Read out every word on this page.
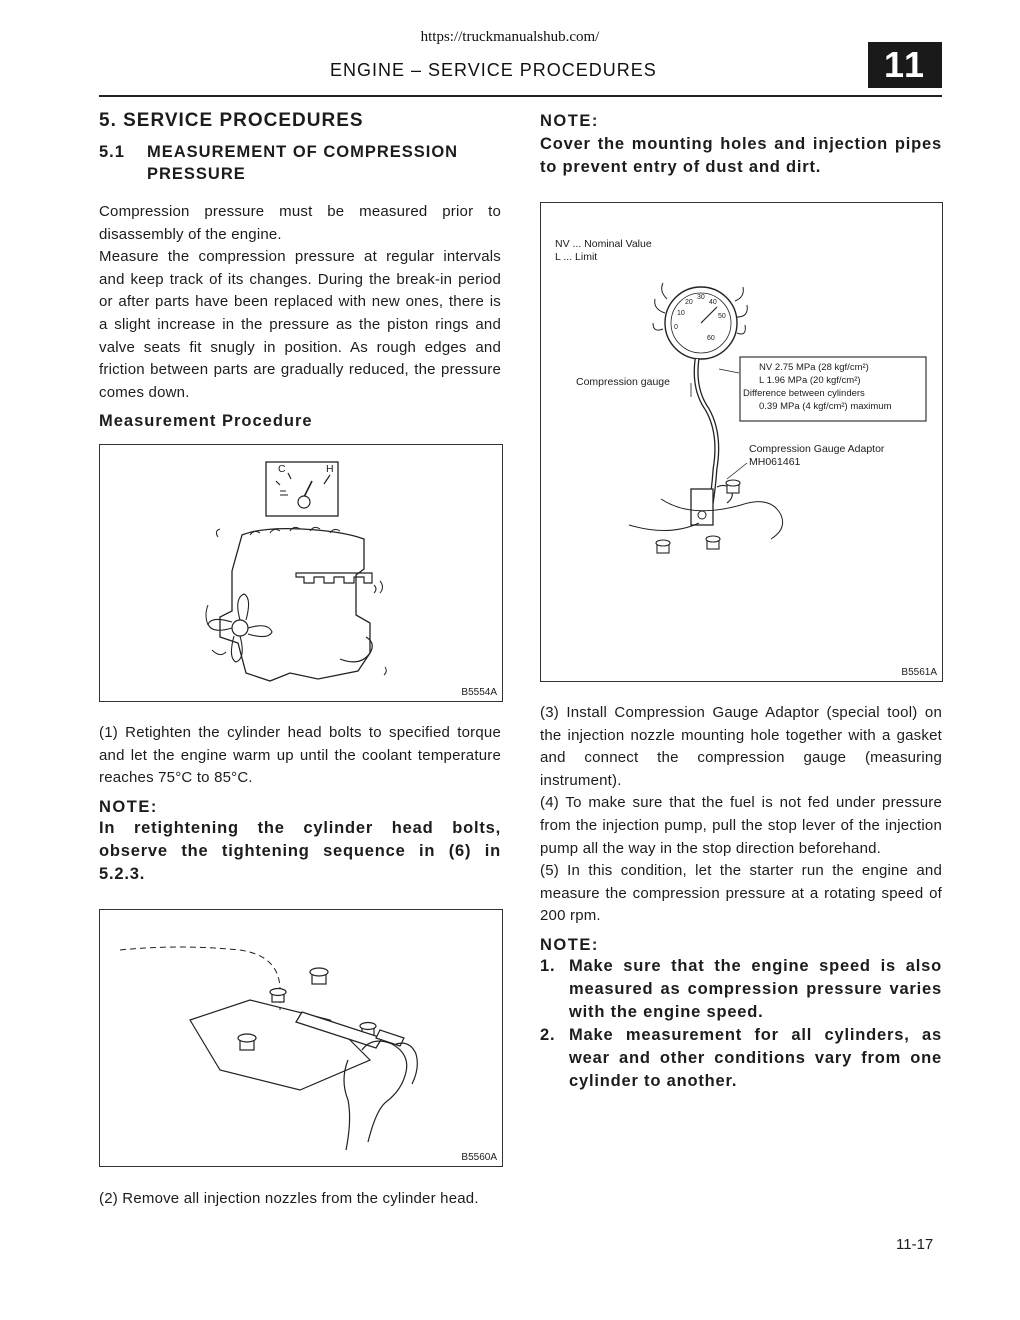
https://truckmanualshub.com/
ENGINE – SERVICE PROCEDURES	11
5. SERVICE PROCEDURES
5.1 MEASUREMENT OF COMPRESSION PRESSURE

Compression pressure must be measured prior to disassembly of the engine.

Measure the compression pressure at regular intervals and keep track of its changes. During the break-in period or after parts have been replaced with new ones, there is a slight increase in the pressure as the piston rings and valve seats fit snugly in position. As rough edges and friction between parts are gradually reduced, the pressure comes down.

Measurement Procedure
C	H
B5554A

(1) Retighten the cylinder head bolts to specified torque and let the engine warm up until the coolant temperature reaches 75°C to 85°C.

NOTE:
In retightening the cylinder head bolts, observe the tightening sequence in (6) in 5.2.3.
B5560A

(2) Remove all injection nozzles from the cylinder head.

NOTE:
Cover the mounting holes and injection pipes to prevent entry of dust and dirt.
NV ... Nominal Value
L ... Limit
0
10
20
30
40
50
60
Compression gauge
NV 2.75 MPa (28 kgf/cm²)
L 1.96 MPa (20 kgf/cm²)
Difference between cylinders
0.39 MPa (4 kgf/cm²) maximum
Compression Gauge Adaptor
MH061461
B5561A

(3) Install Compression Gauge Adaptor (special tool) on the injection nozzle mounting hole together with a gasket and connect the compression gauge (measuring instrument).

(4) To make sure that the fuel is not fed under pressure from the injection pump, pull the stop lever of the injection pump all the way in the stop direction beforehand.

(5) In this condition, let the starter run the engine and measure the compression pressure at a rotating speed of 200 rpm.

NOTE:
1. Make sure that the engine speed is also measured as compression pressure varies with the engine speed.
2. Make measurement for all cylinders, as wear and other conditions vary from one cylinder to another.
11-17
